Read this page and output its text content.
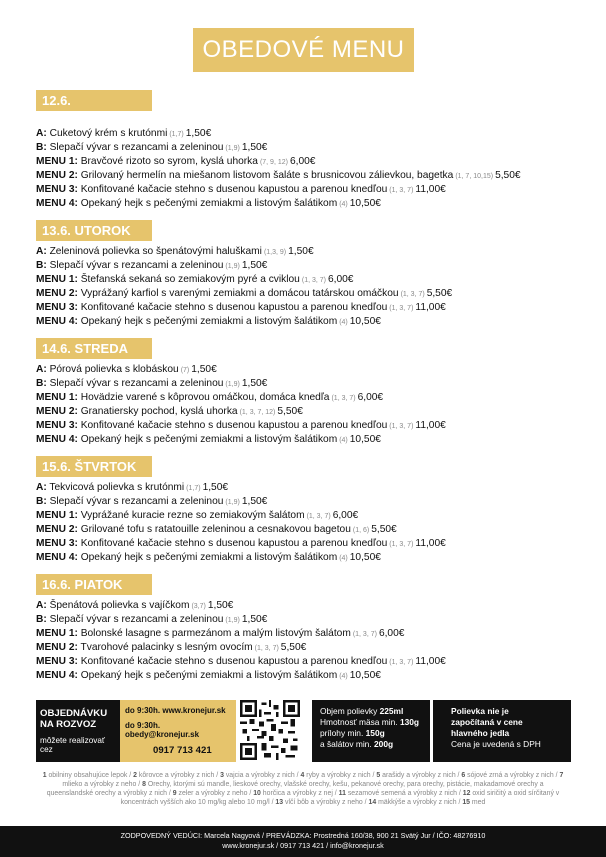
OBEDOVÉ MENU
12.6. PONDELOK
A: Cuketový krém s krutónmi (1,7) 1,50€
B: Slepačí vývar s rezancami a zeleninou (1,9) 1,50€
MENU 1: Bravčové rizoto so syrom, kyslá uhorka (7, 9, 12) 6,00€
MENU 2: Grilovaný hermelín na miešanom listovom šaláte s brusnicovou zálievkou, bagetka (1, 7, 10,15) 5,50€
MENU 3: Konfitované kačacie stehno s dusenou kapustou a parenou knedľou (1, 3, 7) 11,00€
MENU 4: Opekaný hejk s pečenými zemiakmi a listovým šalátikom (4) 10,50€
13.6. UTOROK
A: Zeleninová polievka so špenátovými haluškami (1,3, 9) 1,50€
B: Slepačí vývar s rezancami a zeleninou (1,9) 1,50€
MENU 1: Štefanská sekaná so zemiakovým pyré a cviklou (1, 3, 7) 6,00€
MENU 2: Vyprážaný karfiol s varenými zemiakmi a domácou tatárskou omáčkou (1, 3, 7) 5,50€
MENU 3: Konfitované kačacie stehno s dusenou kapustou a parenou knedľou (1, 3, 7) 11,00€
MENU 4: Opekaný hejk s pečenými zemiakmi a listovým šalátikom (4) 10,50€
14.6. STREDA
A: Pórová polievka s klobáskou (7) 1,50€
B: Slepačí vývar s rezancami a zeleninou (1,9) 1,50€
MENU 1: Hovädzie varené s kôprovou omáčkou, domáca knedľa (1, 3, 7) 6,00€
MENU 2: Granatiersky pochod, kyslá uhorka (1, 3, 7, 12) 5,50€
MENU 3: Konfitované kačacie stehno s dusenou kapustou a parenou knedľou (1, 3, 7) 11,00€
MENU 4: Opekaný hejk s pečenými zemiakmi a listovým šalátikom (4) 10,50€
15.6. ŠTVRTOK
A: Tekvicová polievka s krutónmi (1,7) 1,50€
B: Slepačí vývar s rezancami a zeleninou (1,9) 1,50€
MENU 1: Vyprážané kuracie rezne so zemiakovým šalátom (1, 3, 7) 6,00€
MENU 2: Grilované tofu s ratatouille zeleninou a cesnakovou bagetou (1, 6) 5,50€
MENU 3: Konfitované kačacie stehno s dusenou kapustou a parenou knedľou (1, 3, 7) 11,00€
MENU 4: Opekaný hejk s pečenými zemiakmi a listovým šalátikom (4) 10,50€
16.6. PIATOK
A: Špenátová polievka s vajíčkom (3,7) 1,50€
B: Slepačí vývar s rezancami a zeleninou (1,9) 1,50€
MENU 1: Bolonské lasagne s parmezánom a malým listovým šalátom (1, 3, 7) 6,00€
MENU 2: Tvarohové palacinky s lesným ovocím (1, 3, 7) 5,50€
MENU 3: Konfitované kačacie stehno s dusenou kapustou a parenou knedľou (1, 3, 7) 11,00€
MENU 4: Opekaný hejk s pečenými zemiakmi a listovým šalátikom (4) 10,50€
OBJEDNÁVKU
NA ROZVOZ
môžete realizovať cez
do 9:30h. www.kronejur.sk
do 9:30h. obedy@kronejur.sk
0917 713 421
Objem polievky 225ml
Hmotnosť mäsa min. 130g
prílohy min. 150g
a šalátov min. 200g
Polievka nie je
započítaná v cene
hlavného jedla
Cena je uvedená s DPH
1 obilniny obsahujúce lepok / 2 kôrovce a výrobky z nich / 3 vajcia a výrobky z nich / 4 ryby a výrobky z nich / 5 arašidy a výrobky z nich / 6 sójové zrná a výrobky z nich / 7 mlieko a výrobky z neho / 8 Orechy, ktorými sú mandle, lieskové orechy, vlašské orechy, kešu, pekanové orechy, para orechy, pistácie, makadamové orechy a queenslandské orechy a výrobky z nich / 9 zeler a výrobky z neho / 10 horčica a výrobky z nej / 11 sezamové semená a výrobky z nich / 12 oxid siričitý a oxid sírčitaný v koncentrách vyšších ako 10 mg/kg alebo 10 mg/l / 13 vlčí bôb a výrobky z neho / 14 mäkkýše a výrobky z nich / 15 med
ZODPOVEDNÝ VEDÚCI: Marcela Nagyová / PREVÁDZKA: Prostredná 160/38, 900 21 Svätý Jur / IČO: 48276910
www.kronejur.sk / 0917 713 421 / info@kronejur.sk
